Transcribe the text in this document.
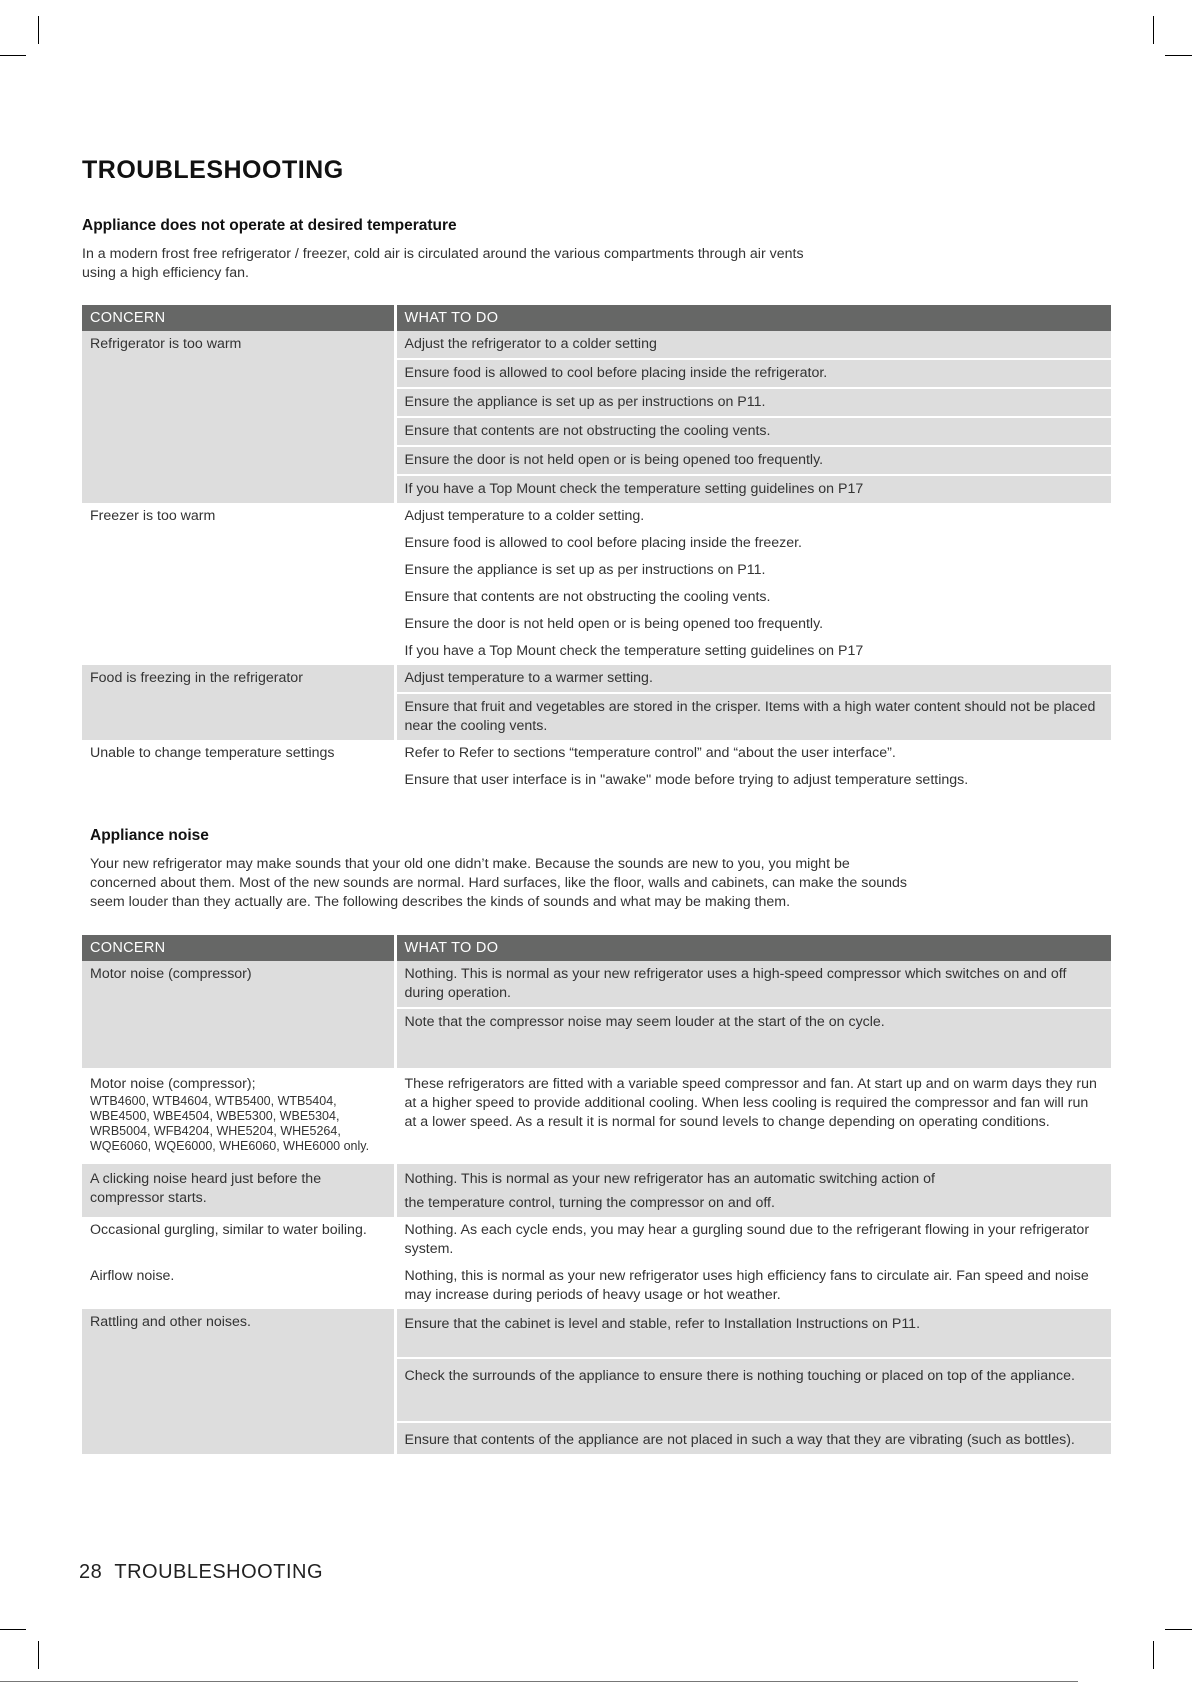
TROUBLESHOOTING
Appliance does not operate at desired temperature

In a modern frost free refrigerator / freezer, cold air is circulated around the various compartments through air vents
using a high efficiency fan.

CONCERN	WHAT TO DO
Refrigerator is too warm	Adjust the refrigerator to a colder setting
	Ensure food is allowed to cool before placing inside the refrigerator.
	Ensure the appliance is set up as per instructions on P11.
	Ensure that contents are not obstructing the cooling vents.
	Ensure the door is not held open or is being opened too frequently.
	If you have a Top Mount check the temperature setting guidelines on P17
Freezer is too warm	Adjust temperature to a colder setting.
	Ensure food is allowed to cool before placing inside the freezer.
	Ensure the appliance is set up as per instructions on P11.
	Ensure that contents are not obstructing the cooling vents.
	Ensure the door is not held open or is being opened too frequently.
	If you have a Top Mount check the temperature setting guidelines on P17
Food is freezing in the refrigerator	Adjust temperature to a warmer setting.
	Ensure that fruit and vegetables are stored in the crisper. Items with a high water content should not be placed near the cooling vents.
Unable to change temperature settings	Refer to Refer to sections “temperature control” and “about the user interface”.
	Ensure that user interface is in "awake" mode before trying to adjust temperature settings.
Appliance noise

Your new refrigerator may make sounds that your old one didn’t make. Because the sounds are new to you, you might be
concerned about them. Most of the new sounds are normal. Hard surfaces, like the floor, walls and cabinets, can make the sounds
seem louder than they actually are. The following describes the kinds of sounds and what may be making them.

CONCERN	WHAT TO DO
Motor noise (compressor)	Nothing. This is normal as your new refrigerator uses a high-speed compressor which switches on and off during operation.
	Note that the compressor noise may seem louder at the start of the on cycle.

Motor noise (compressor);

WTB4600, WTB4604, WTB5400, WTB5404, WBE4500, WBE4504, WBE5300, WBE5304, WRB5004, WFB4204, WHE5204, WHE5264, WQE6060, WQE6000, WHE6060, WHE6000 only.	These refrigerators are fitted with a variable speed compressor and fan. At start up and on warm days they run at a higher speed to provide additional cooling. When less cooling is required the compressor and fan will run at a lower speed. As a result it is normal for sound levels to change depending on operating conditions.
A clicking noise heard just before the compressor starts.	Nothing. This is normal as your new refrigerator has an automatic switching action of
the temperature control, turning the compressor on and off.
Occasional gurgling, similar to water boiling.	Nothing. As each cycle ends, you may hear a gurgling sound due to the refrigerant flowing in your refrigerator system.
Airflow noise.	Nothing, this is normal as your new refrigerator uses high efficiency fans to circulate air. Fan speed and noise may increase during periods of heavy usage or hot weather.
Rattling and other noises.	Ensure that the cabinet is level and stable, refer to Installation Instructions on P11.
	Check the surrounds of the appliance to ensure there is nothing touching or placed on top of the appliance.
	Ensure that contents of the appliance are not placed in such a way that they are vibrating (such as bottles).

28 TROUBLESHOOTING
